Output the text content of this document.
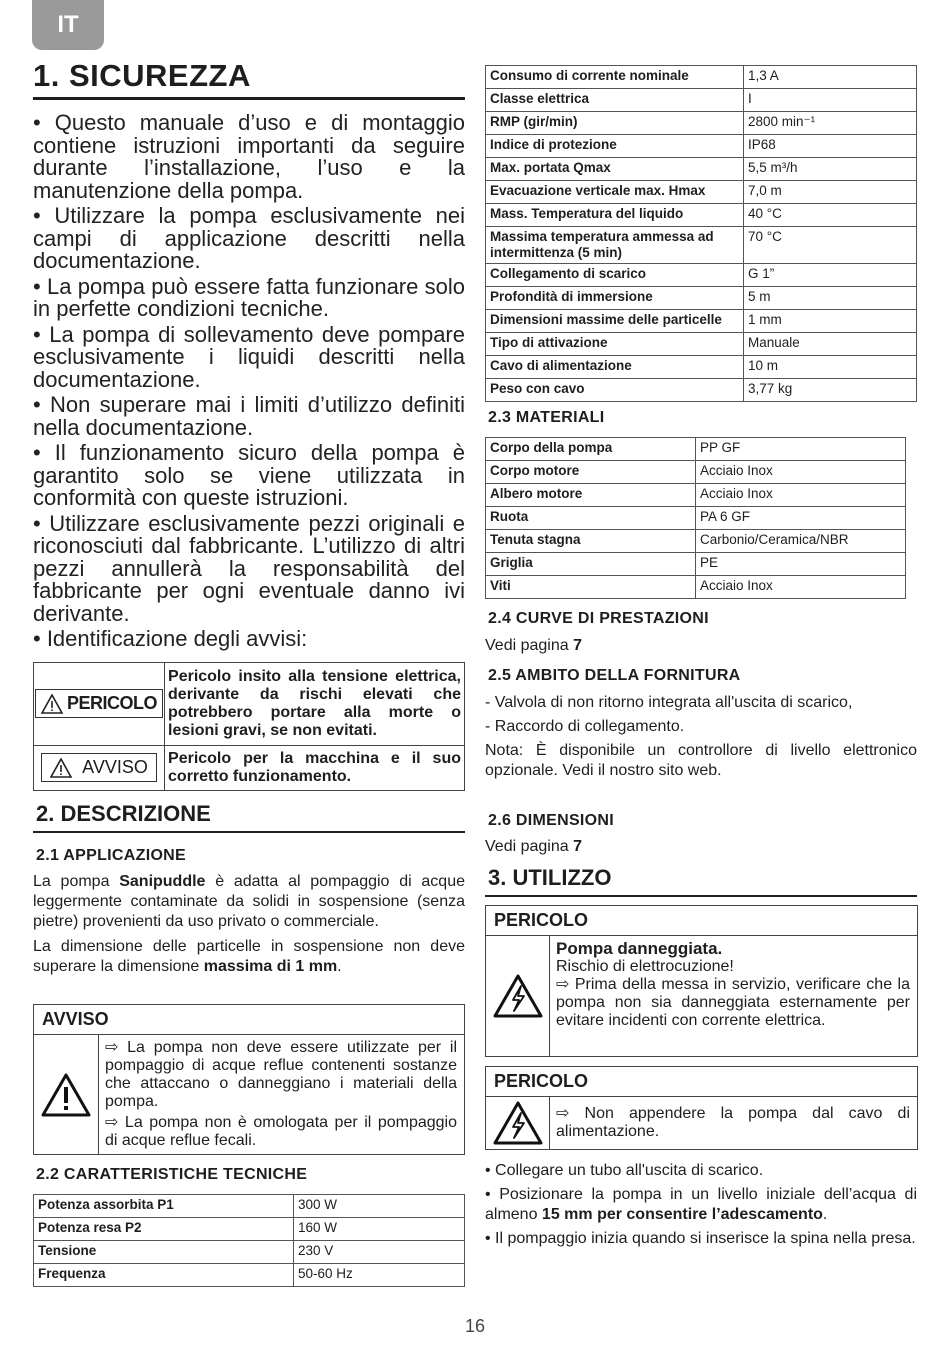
IT
1. SICUREZZA

• Questo manuale d’uso e di montaggio contiene istruzioni importanti da seguire durante l’installazione, l’uso e la manutenzione della pompa.

• Utilizzare la pompa esclusivamente nei campi di applicazione descritti nella documentazione.

• La pompa può essere fatta funzionare solo in perfette condizioni tecniche.

• La pompa di sollevamento deve pompare esclusivamente i liquidi descritti nella documentazione.

• Non superare mai i limiti d’utilizzo definiti nella documentazione.

• Il funzionamento sicuro della pompa è garantito solo se viene utilizzata in conformità con queste istruzioni.

• Utilizzare esclusivamente pezzi originali e riconosciuti dal fabbricante. L’utilizzo di altri pezzi annullerà la responsabilità del fabbricante per ogni eventuale danno ivi derivante.

• Identificazione degli avvisi:

PERICOLO	Pericolo insito alla tensione elettrica, derivante da rischi elevati che potrebbero portare alla morte o lesioni gravi, se non evitati.

AVVISO	Pericolo per la macchina e il suo corretto funzionamento.
2. DESCRIZIONE
2.1 APPLICAZIONE

La pompa Sanipuddle è adatta al pompaggio di acque leggermente contaminate da solidi in sospensione (senza pietre) provenienti da uso privato o commerciale.

La dimensione delle particelle in sospensione non deve superare la dimensione massima di 1 mm.

AVVISO
⇨ La pompa non deve essere utilizzate per il pompaggio di acque reflue contenenti sostanze che attaccano o danneggiano i materiali della pompa.
⇨ La pompa non è omologata per il pompaggio di acque reflue fecali.
2.2 CARATTERISTICHE TECNICHE
Potenza assorbita P1	300 W
Potenza resa P2	160 W
Tensione	230 V
Frequenza	50-60 Hz
Consumo di corrente nominale	1,3 A
Classe elettrica	I
RMP (gir/min)	2800 min⁻¹
Indice di protezione	IP68
Max. portata Qmax	5,5 m³/h
Evacuazione verticale max. Hmax	7,0 m
Mass. Temperatura del liquido	40 °C
Massima temperatura ammessa ad intermittenza (5 min)	70 °C
Collegamento di scarico	G 1”
Profondità di immersione	5 m
Dimensioni massime delle particelle	1 mm
Tipo di attivazione	Manuale
Cavo di alimentazione	10 m
Peso con cavo	3,77 kg
2.3 MATERIALI
Corpo della pompa	PP GF
Corpo motore	Acciaio Inox
Albero motore	Acciaio Inox
Ruota	PA 6 GF
Tenuta stagna	Carbonio/Ceramica/NBR
Griglia	PE
Viti	Acciaio Inox
2.4 CURVE DI PRESTAZIONI

Vedi pagina 7

2.5 AMBITO DELLA FORNITURA

- Valvola di non ritorno integrata all'uscita di scarico,

- Raccordo di collegamento.

Nota: È disponibile un controllore di livello elettronico opzionale. Vedi il nostro sito web.

2.6 DIMENSIONI

Vedi pagina 7

3. UTILIZZO
PERICOLO
Pompa danneggiata.
Rischio di elettrocuzione!
⇨ Prima della messa in servizio, verificare che la pompa non sia danneggiata esternamente per evitare incidenti con corrente elettrica.
PERICOLO
⇨ Non appendere la pompa dal cavo di alimentazione.

• Collegare un tubo all'uscita di scarico.

• Posizionare la pompa in un livello iniziale dell’acqua di almeno 15 mm per consentire l’adescamento.

• Il pompaggio inizia quando si inserisce la spina nella presa.

16
